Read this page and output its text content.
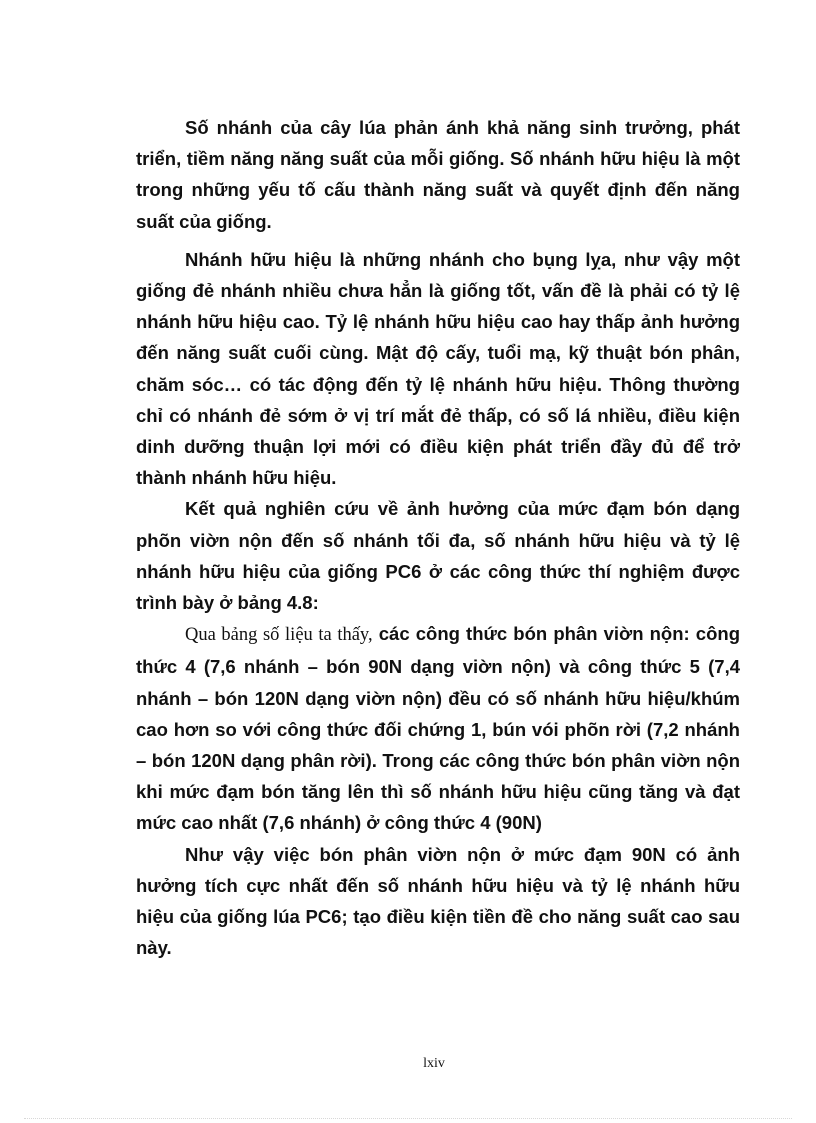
Số nhánh của cây lúa phản ánh khả năng sinh trưởng, phát triển, tiềm năng năng suất của mỗi giống. Số nhánh hữu hiệu là một trong những yếu tố cấu thành năng suất và quyết định đến năng suất của giống.

Nhánh hữu hiệu là những nhánh cho bụng lỵa, như vậy một giống đẻ nhánh nhiều chưa hẳn là giống tốt, vấn đề là phải có tỷ lệ nhánh hữu hiệu cao. Tỷ lệ nhánh hữu hiệu cao hay thấp ảnh hưởng đến năng suất cuối cùng. Mật độ cấy, tuổi mạ, kỹ thuật bón phân, chăm sóc… có tác động đến tỷ lệ nhánh hữu hiệu. Thông thường chỉ có nhánh đẻ sớm ở vị trí mắt đẻ thấp, có số lá nhiều, điều kiện dinh dưỡng thuận lợi mới có điều kiện phát triển đầy đủ để trở thành nhánh hữu hiệu.

Kết quả nghiên cứu về ảnh hưởng của mức đạm bón dạng phõn viờn nộn đến số nhánh tối đa, số nhánh hữu hiệu và tỷ lệ nhánh hữu hiệu của giống PC6 ở các công thức thí nghiệm được trình bày ở bảng 4.8:

Qua bảng số liệu ta thấy, các công thức bón phân viờn nộn: công thức 4 (7,6 nhánh – bón 90N dạng viờn nộn) và công thức 5 (7,4 nhánh – bón 120N dạng viờn nộn) đều có số nhánh hữu hiệu/khúm cao hơn so với công thức đối chứng 1, bún vói phõn rời (7,2 nhánh – bón 120N dạng phân rời). Trong các công thức bón phân viờn nộn khi mức đạm bón tăng lên thì số nhánh hữu hiệu cũng tăng và đạt mức cao nhất (7,6 nhánh) ở công thức 4 (90N)

Như vậy việc bón phân viờn nộn ở mức đạm 90N có ảnh hưởng tích cực nhất đến số nhánh hữu hiệu và tỷ lệ nhánh hữu hiệu của giống lúa PC6; tạo điều kiện tiền đề cho năng suất cao sau này.

lxiv
